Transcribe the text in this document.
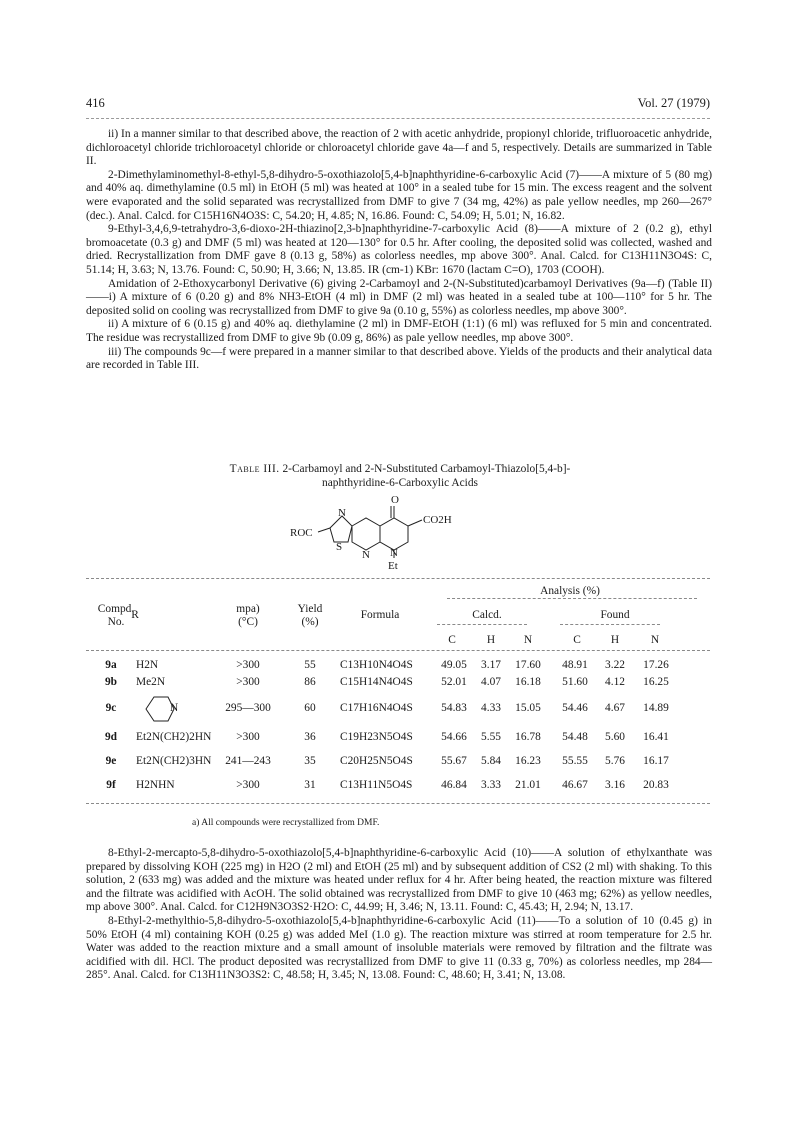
416	Vol. 27 (1979)

ii) In a manner similar to that described above, the reaction of 2 with acetic anhydride, propionyl chloride, trifluoroacetic anhydride, dichloroacetyl chloride trichloroacetyl chloride or chloroacetyl chloride gave 4a—f and 5, respectively. Details are summarized in Table II.

2-Dimethylaminomethyl-8-ethyl-5,8-dihydro-5-oxothiazolo[5,4-b]naphthyridine-6-carboxylic Acid (7)——A mixture of 5 (80 mg) and 40% aq. dimethylamine (0.5 ml) in EtOH (5 ml) was heated at 100° in a sealed tube for 15 min. The excess reagent and the solvent were evaporated and the solid separated was recrystallized from DMF to give 7 (34 mg, 42%) as pale yellow needles, mp 260—267° (dec.). Anal. Calcd. for C15H16N4O3S: C, 54.20; H, 4.85; N, 16.86. Found: C, 54.09; H, 5.01; N, 16.82.

9-Ethyl-3,4,6,9-tetrahydro-3,6-dioxo-2H-thiazino[2,3-b]naphthyridine-7-carboxylic Acid (8)——A mixture of 2 (0.2 g), ethyl bromoacetate (0.3 g) and DMF (5 ml) was heated at 120—130° for 0.5 hr. After cooling, the deposited solid was collected, washed and dried. Recrystallization from DMF gave 8 (0.13 g, 58%) as colorless needles, mp above 300°. Anal. Calcd. for C13H11N3O4S: C, 51.14; H, 3.63; N, 13.76. Found: C, 50.90; H, 3.66; N, 13.85. IR (cm-1) KBr: 1670 (lactam C=O), 1703 (COOH).

Amidation of 2-Ethoxycarbonyl Derivative (6) giving 2-Carbamoyl and 2-(N-Substituted)carbamoyl Derivatives (9a—f) (Table II)——i) A mixture of 6 (0.20 g) and 8% NH3-EtOH (4 ml) in DMF (2 ml) was heated in a sealed tube at 100—110° for 5 hr. The deposited solid on cooling was recrystallized from DMF to give 9a (0.10 g, 55%) as colorless needles, mp above 300°.

ii) A mixture of 6 (0.15 g) and 40% aq. diethylamine (2 ml) in DMF-EtOH (1:1) (6 ml) was refluxed for 5 min and concentrated. The residue was recrystallized from DMF to give 9b (0.09 g, 86%) as pale yellow needles, mp above 300°.

iii) The compounds 9c—f were prepared in a manner similar to that described above. Yields of the products and their analytical data are recorded in Table III.

Table III. 2-Carbamoyl and 2-N-Substituted Carbamoyl-Thiazolo[5,4-b]-
naphthyridine-6-Carboxylic Acids
O
CO2H
ROC
N
S
N N
Et
Compd.
No.
R	mpa)
(°C)
Yield
(%)
Formula
Analysis (%)
Calcd.	Found
C	H	N	C	H	N
9a	H2N	>300	55	C13H10N4O4S	49.05	3.17	17.60	48.91	3.22	17.26
9b	Me2N	>300	86	C15H14N4O4S	52.01	4.07	16.18	51.60	4.12	16.25
9c	N	295—300	60	C17H16N4O4S	54.83	4.33	15.05	54.46	4.67	14.89
9d	Et2N(CH2)2HN	>300	36	C19H23N5O4S	54.66	5.55	16.78	54.48	5.60	16.41
9e	Et2N(CH2)3HN	241—243	35	C20H25N5O4S	55.67	5.84	16.23	55.55	5.76	16.17
9f	H2NHN	>300	31	C13H11N5O4S	46.84	3.33	21.01	46.67	3.16	20.83
a) All compounds were recrystallized from DMF.

8-Ethyl-2-mercapto-5,8-dihydro-5-oxothiazolo[5,4-b]naphthyridine-6-carboxylic Acid (10)——A solution of ethylxanthate was prepared by dissolving KOH (225 mg) in H2O (2 ml) and EtOH (25 ml) and by subsequent addition of CS2 (2 ml) with shaking. To this solution, 2 (633 mg) was added and the mixture was heated under reflux for 4 hr. After being heated, the reaction mixture was filtered and the filtrate was acidified with AcOH. The solid obtained was recrystallized from DMF to give 10 (463 mg; 62%) as yellow needles, mp above 300°. Anal. Calcd. for C12H9N3O3S2·H2O: C, 44.99; H, 3.46; N, 13.11. Found: C, 45.43; H, 2.94; N, 13.17.

8-Ethyl-2-methylthio-5,8-dihydro-5-oxothiazolo[5,4-b]naphthyridine-6-carboxylic Acid (11)——To a solution of 10 (0.45 g) in 50% EtOH (4 ml) containing KOH (0.25 g) was added MeI (1.0 g). The reaction mixture was stirred at room temperature for 2.5 hr. Water was added to the reaction mixture and a small amount of insoluble materials were removed by filtration and the filtrate was acidified with dil. HCl. The product deposited was recrystallized from DMF to give 11 (0.33 g, 70%) as colorless needles, mp 284—285°. Anal. Calcd. for C13H11N3O3S2: C, 48.58; H, 3.45; N, 13.08. Found: C, 48.60; H, 3.41; N, 13.08.
